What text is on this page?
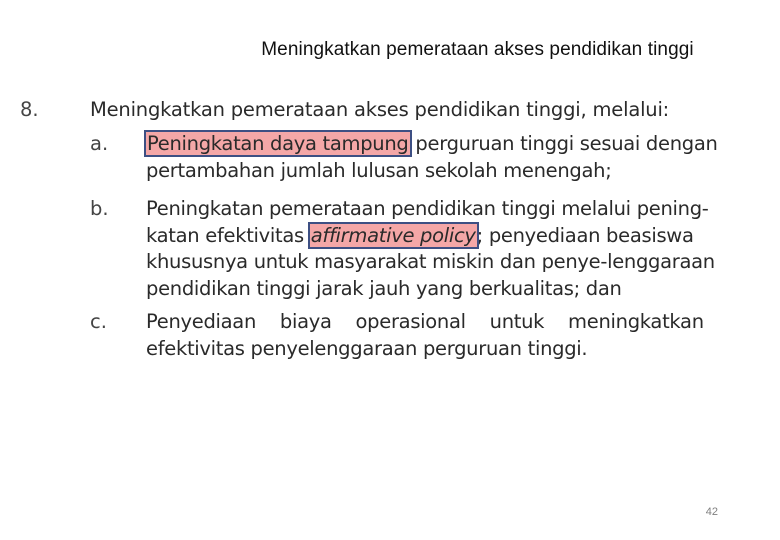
Meningkatkan pemerataan akses pendidikan tinggi
8.	Meningkatkan pemerataan akses pendidikan tinggi, melalui:
a. Peningkatan daya tampung perguruan tinggi sesuai dengan
pertambahan jumlah lulusan sekolah menengah;
b. Peningkatan pemerataan pendidikan tinggi melalui pening-
katan efektivitas affirmative policy; penyediaan beasiswa
khususnya untuk masyarakat miskin dan penye-lenggaraan
pendidikan tinggi jarak jauh yang berkualitas; dan
c. Penyediaan biaya operasional untuk meningkatkan
efektivitas penyelenggaraan perguruan tinggi.
42
